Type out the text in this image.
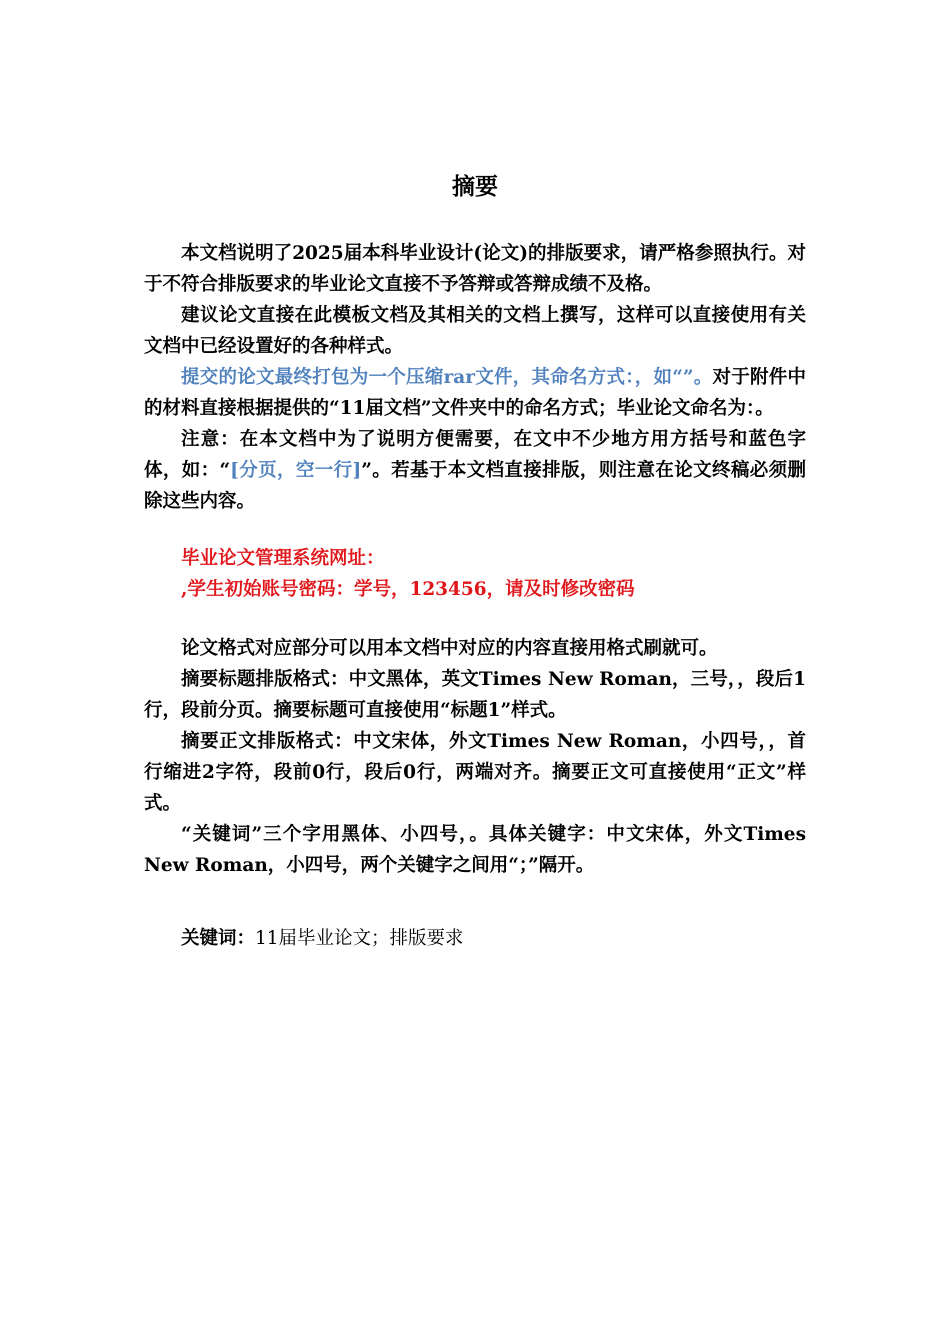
摘要

本文档说明了2025届本科毕业设计(论文)的排版要求，请严格参照执行。对于不符合排版要求的毕业论文直接不予答辩或答辩成绩不及格。

建议论文直接在此模板文档及其相关的文档上撰写，这样可以直接使用有关文档中已经设置好的各种样式。

提交的论文最终打包为一个压缩rar文件，其命名方式：，如“”。对于附件中的材料直接根据提供的“11届文档”文件夹中的命名方式；毕业论文命名为：。

注意：在本文档中为了说明方便需要，在文中不少地方用方括号和蓝色字体，如：“[分页，空一行]”。若基于本文档直接排版，则注意在论文终稿必须删除这些内容。

毕业论文管理系统网址：

,学生初始账号密码：学号，123456，请及时修改密码

论文格式对应部分可以用本文档中对应的内容直接用格式刷就可。

摘要标题排版格式：中文黑体，英文Times New Roman，三号，，段后1行，段前分页。摘要标题可直接使用“标题1”样式。

摘要正文排版格式：中文宋体，外文Times New Roman，小四号，，首行缩进2字符，段前0行，段后0行，两端对齐。摘要正文可直接使用“正文”样式。

“关键词”三个字用黑体、小四号，。具体关键字：中文宋体，外文Times New Roman，小四号，两个关键字之间用“；”隔开。

关键词：11届毕业论文；排版要求
